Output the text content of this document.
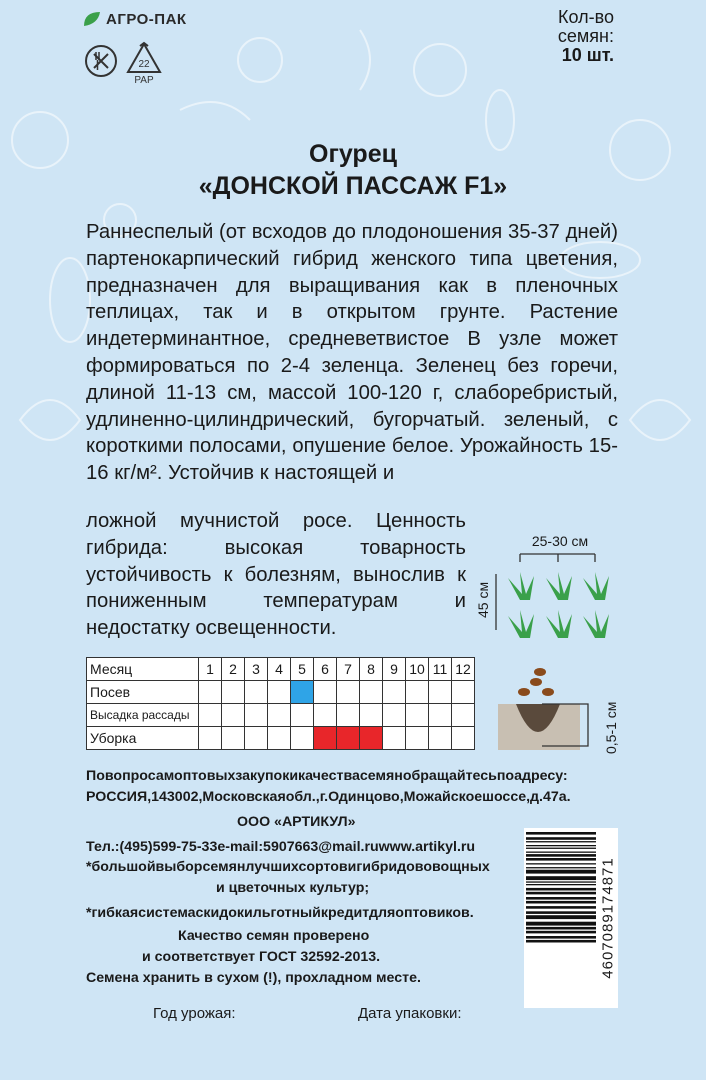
АГРО-ПАК
22
PAP
Кол-во
семян:
10 шт.
Огурец
«ДОНСКОЙ ПАССАЖ F1»
Раннеспелый (от всходов до плодоношения 35-37 дней) партенокарпический гибрид женского типа цветения, предназначен для выращивания как в пленочных теплицах, так и в открытом грунте. Растение индетерминантное, средневетвистое В узле может формироваться по 2-4 зеленца. Зеленец без горечи, длиной 11-13 см, массой 100-120 г, слаборебристый, удлиненно-цилиндрический, бугорчатый. зеленый, с короткими полосами, опушение белое. Урожайность 15-16 кг/м². Устойчив к настоящей и
ложной мучнистой росе. Ценность гибрида: высокая товарность устойчивость к болезням, вынослив к пониженным температурам и недостатку освещенности.
25-30 см
45 см
Месяц	1	2	3	4	5	6	7	8	9	10	11	12
Посев												
Высадка рассады												
Уборка													0,5-1 см
Повопросамоптовыхзакупокикачествасемянобращайтесьпоадресу:
РОССИЯ,143002,Московскаяобл.,г.Одинцово,Можайскоешоссе,д.47а.
ООО «АРТИКУЛ»
Тел.:(495)599-75-33e-mail:5907663@mail.ruwww.artikyl.ru
*большойвыборсемянлучшихсортовигибридововощных
и цветочных культур;
*гибкаясистемаскидокильготныйкредитдляоптовиков.
Качество семян проверено
и соответствует ГОСТ 32592-2013.
Семена хранить в сухом (!), прохладном месте.	4607089174871
Год урожая:	Дата упаковки:
